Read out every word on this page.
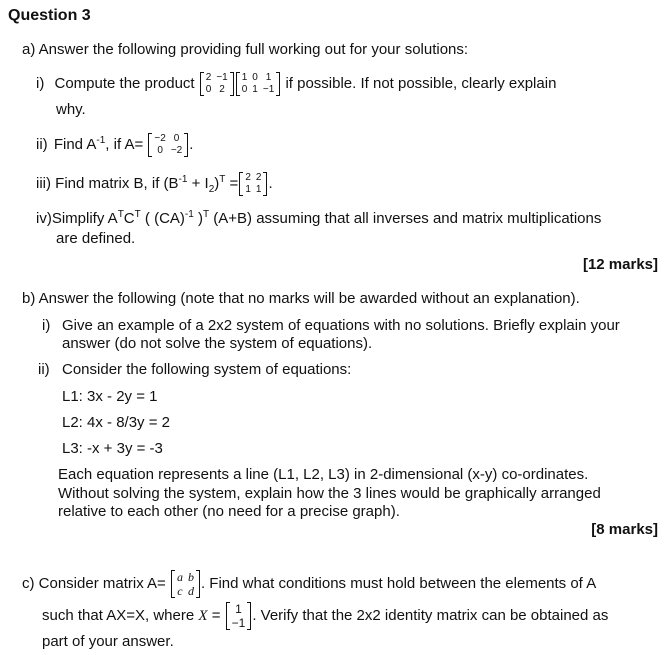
Question 3
a) Answer the following providing full working out for your solutions:
i) Compute the product 2 −1
0 2
1 0 1
0 1 −1 if possible. If not possible, clearly explain
why.
ii) Find $A^{-1}$, if A= −2 0
0 −2 .
iii) Find matrix B, if $(B^{-1} + I_2)^T = 2$ 2
1 1 .
iv)Simplify $A^TC^T$ ( (CA)$^{-1}$ )$^T$ (A+B) assuming that all inverses and matrix multiplications
are defined.
[12 marks]
b) Answer the following (note that no marks will be awarded without an explanation).
i) Give an example of a 2x2 system of equations with no solutions. Briefly explain your
answer (do not solve the system of equations).
ii) Consider the following system of equations:
L1: 3x - 2y = 1
L2: 4x - 8/3y = 2
L3: -x + 3y = -3
Each equation represents a line (L1, L2, L3) in 2-dimensional (x-y) co-ordinates.
Without solving the system, explain how the 3 lines would be graphically arranged
relative to each other (no need for a precise graph).
[8 marks]
c) Consider matrix A= a b
c d . Find what conditions must hold between the elements of A
such that AX=X, where X = 1
−1 . Verify that the 2x2 identity matrix can be obtained as
part of your answer.
